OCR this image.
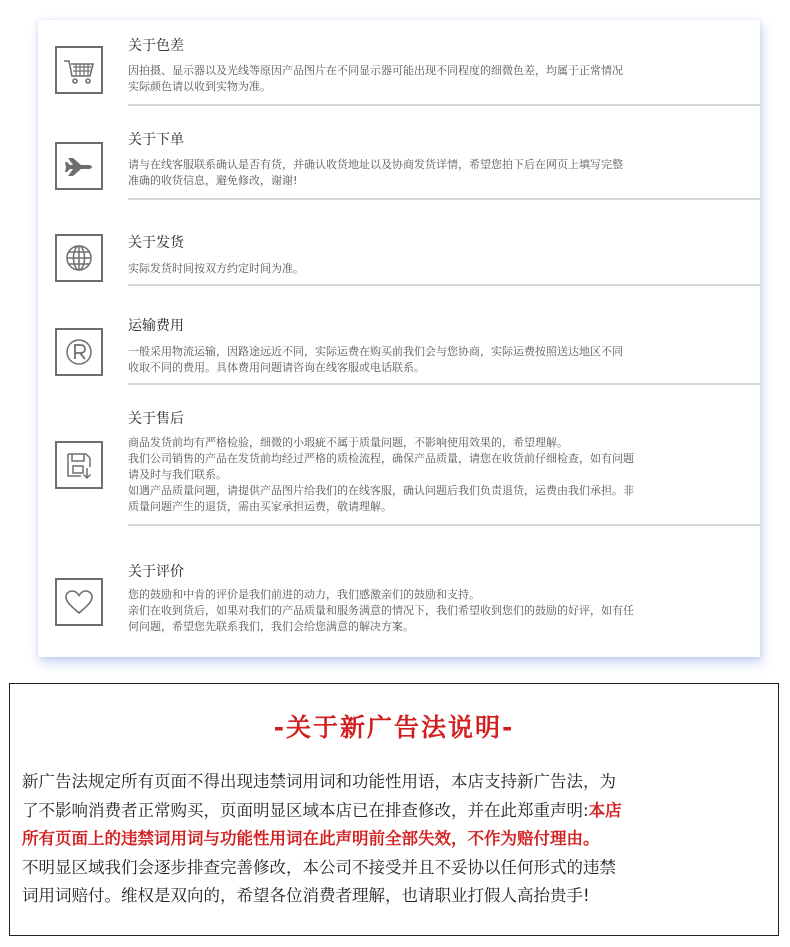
关于色差

因拍摄、显示器以及光线等原因产品图片在不同显示器可能出现不同程度的细微色差，均属于正常情况

实际颜色请以收到实物为准。

关于下单

请与在线客服联系确认是否有货，并确认收货地址以及协商发货详情，希望您拍下后在网页上填写完整

准确的收货信息，避免修改，谢谢!

关于发货

实际发货时间按双方约定时间为准。

运输费用

一般采用物流运输，因路途远近不同，实际运费在购买前我们会与您协商，实际运费按照送达地区不同

收取不同的费用。具体费用问题请咨询在线客服或电话联系。

关于售后

商品发货前均有严格检验，细微的小瑕疵不属于质量问题，不影响使用效果的，希望理解。

我们公司销售的产品在发货前均经过严格的质检流程，确保产品质量，请您在收货前仔细检查，如有问题

请及时与我们联系。

如遇产品质量问题，请提供产品图片给我们的在线客服，确认问题后我们负责退货，运费由我们承担。非

质量问题产生的退货，需由买家承担运费，敬请理解。

关于评价

您的鼓励和中肯的评价是我们前进的动力，我们感激亲们的鼓励和支持。

亲们在收到货后，如果对我们的产品质量和服务满意的情况下，我们希望收到您们的鼓励的好评，如有任

何问题，希望您先联系我们，我们会给您满意的解决方案。

-关于新广告法说明-

新广告法规定所有页面不得出现违禁词用词和功能性用语，本店支持新广告法，为

了不影响消费者正常购买，页面明显区域本店已在排查修改，并在此郑重声明:本店

所有页面上的违禁词用词与功能性用词在此声明前全部失效，不作为赔付理由。

不明显区域我们会逐步排查完善修改，本公司不接受并且不妥协以任何形式的违禁

词用词赔付。维权是双向的，希望各位消费者理解，也请职业打假人高抬贵手!
